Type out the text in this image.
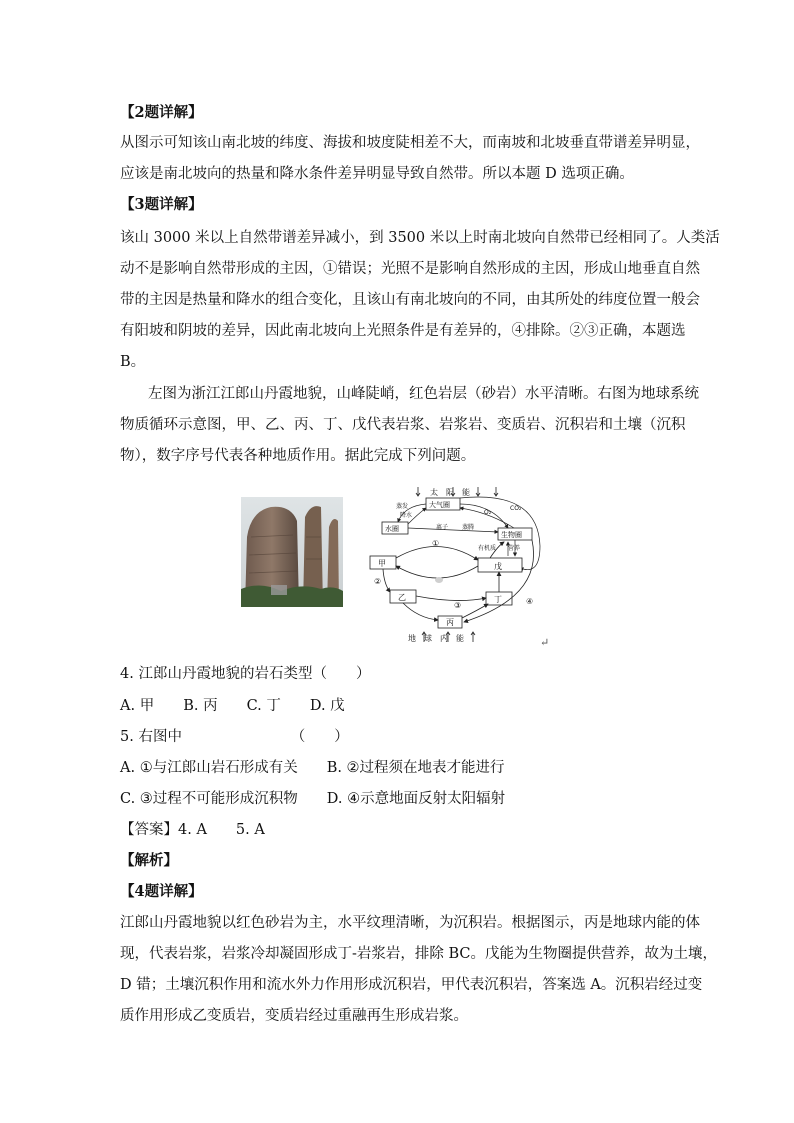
【2题详解】
从图示可知该山南北坡的纬度、海拔和坡度陡相差不大，而南坡和北坡垂直带谱差异明显，
应该是南北坡向的热量和降水条件差异明显导致自然带。所以本题 D 选项正确。
【3题详解】
该山 3000 米以上自然带谱差异减小，到 3500 米以上时南北坡向自然带已经相同了。人类活
动不是影响自然带形成的主因，①错误；光照不是影响自然形成的主因，形成山地垂直自然
带的主因是热量和降水的组合变化，且该山有南北坡向的不同，由其所处的纬度位置一般会
有阳坡和阴坡的差异，因此南北坡向上光照条件是有差异的，④排除。②③正确，本题选
B。
左图为浙江江郎山丹霞地貌，山峰陡峭，红色岩层（砂岩）水平清晰。右图为地球系统
物质循环示意图，甲、乙、丙、丁、戊代表岩浆、岩浆岩、变质岩、沉积岩和土壤（沉积
物），数字序号代表各种地质作用。据此完成下列问题。
太　阳　能
大气圈
水圈
生物圈
蒸发
降水
离子 蒸腾
O₂
CO₂
有机质 营养
甲	戊
乙	丁
丙
①
②
③	④
地　球　内　能	↵
4. 江郎山丹霞地貌的岩石类型（　　）
A. 甲　　B. 丙　　C. 丁　　D. 戊
5. 右图中　　　　　　　　（　　）
A. ①与江郎山岩石形成有关　　B. ②过程须在地表才能进行
C. ③过程不可能形成沉积物　　D. ④示意地面反射太阳辐射
【答案】4. A　　5. A
【解析】
【4题详解】
江郎山丹霞地貌以红色砂岩为主，水平纹理清晰，为沉积岩。根据图示，丙是地球内能的体
现，代表岩浆，岩浆冷却凝固形成丁-岩浆岩，排除 BC。戊能为生物圈提供营养，故为土壤，
D 错；土壤沉积作用和流水外力作用形成沉积岩，甲代表沉积岩，答案选 A。沉积岩经过变
质作用形成乙变质岩，变质岩经过重融再生形成岩浆。
